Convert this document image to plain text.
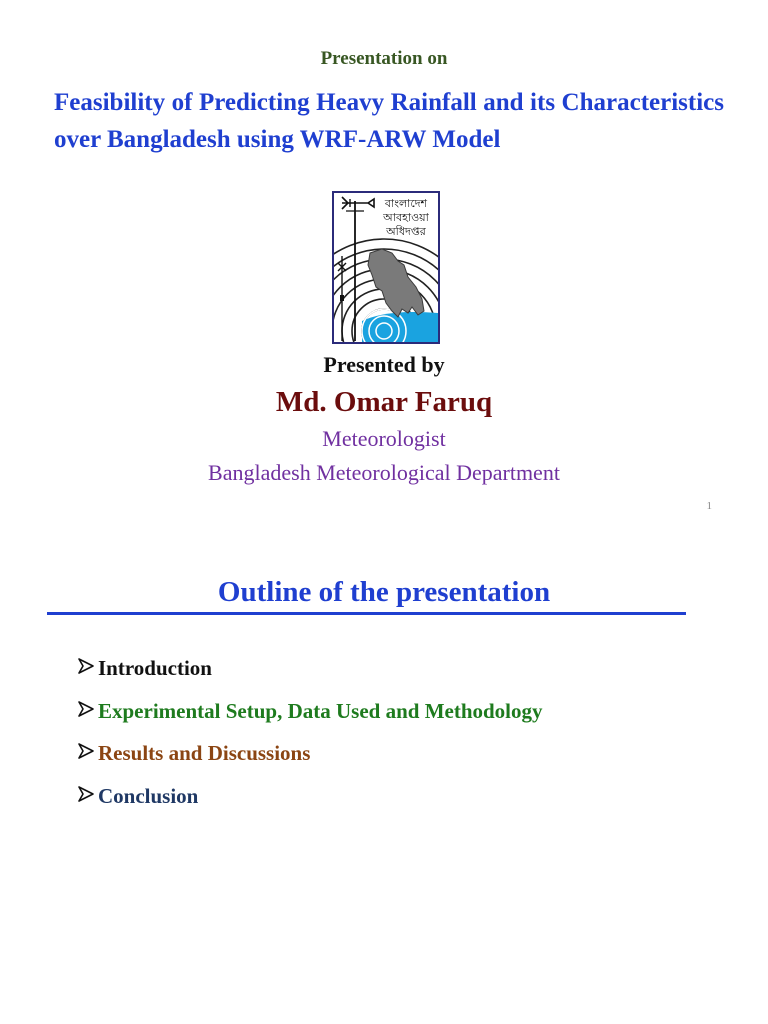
Presentation on

Feasibility of Predicting Heavy Rainfall and its Characteristics over Bangladesh using WRF-ARW Model

বাংলাদেশ
আবহাওয়া
অধিদপ্তর
Presented by
Md. Omar Faruq
Meteorologist
Bangladesh Meteorological Department
1
Outline of the presentation
Introduction
Experimental Setup, Data Used and Methodology
Results and Discussions
Conclusion
